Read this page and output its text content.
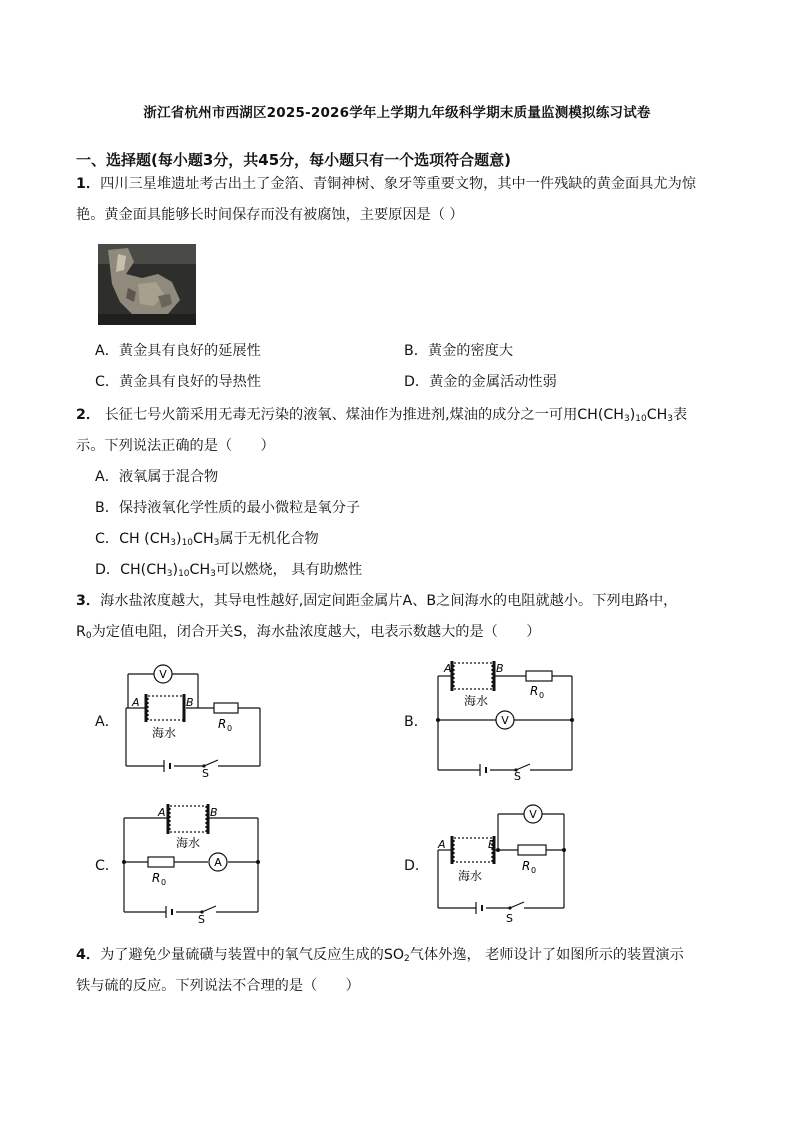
浙江省杭州市西湖区2025-2026学年上学期九年级科学期末质量监测模拟练习试卷
一、选择题(每小题3分，共45分，每小题只有一个选项符合题意)
1．四川三星堆遗址考古出土了金箔、青铜神树、象牙等重要文物，其中一件残缺的黄金面具尤为惊
艳。黄金面具能够长时间保存而没有被腐蚀，主要原因是（ ）
A．黄金具有良好的延展性	B．黄金的密度大
C．黄金具有良好的导热性	D．黄金的金属活动性弱
2． 长征七号火箭采用无毒无污染的液氧、煤油作为推进剂,煤油的成分之一可用$CH(CH_3)_{10}CH_3$表
示。下列说法正确的是（　　）
A．液氧属于混合物
B．保持液氧化学性质的最小微粒是氧分子
C．CH $(CH_3)_{10}CH_3$属于无机化合物
D．$CH(CH_3)_{10}CH_3$可以燃烧， 具有助燃性
3．海水盐浓度越大，其导电性越好,固定间距金属片A、B之间海水的电阻就越小。下列电路中，
$R_0$为定值电阻，闭合开关S，海水盐浓度越大，电表示数越大的是（　　）
A．
V
A	B
海水
R 0
S
B．	V
A	B
海水
R 0
S
C．	A
A	B
海水
R 0
S
D．
V
A	B
海水
R 0
S
4．为了避免少量硫磺与装置中的氧气反应生成的$SO_2$气体外逸， 老师设计了如图所示的装置演示
铁与硫的反应。下列说法不合理的是（　　）
